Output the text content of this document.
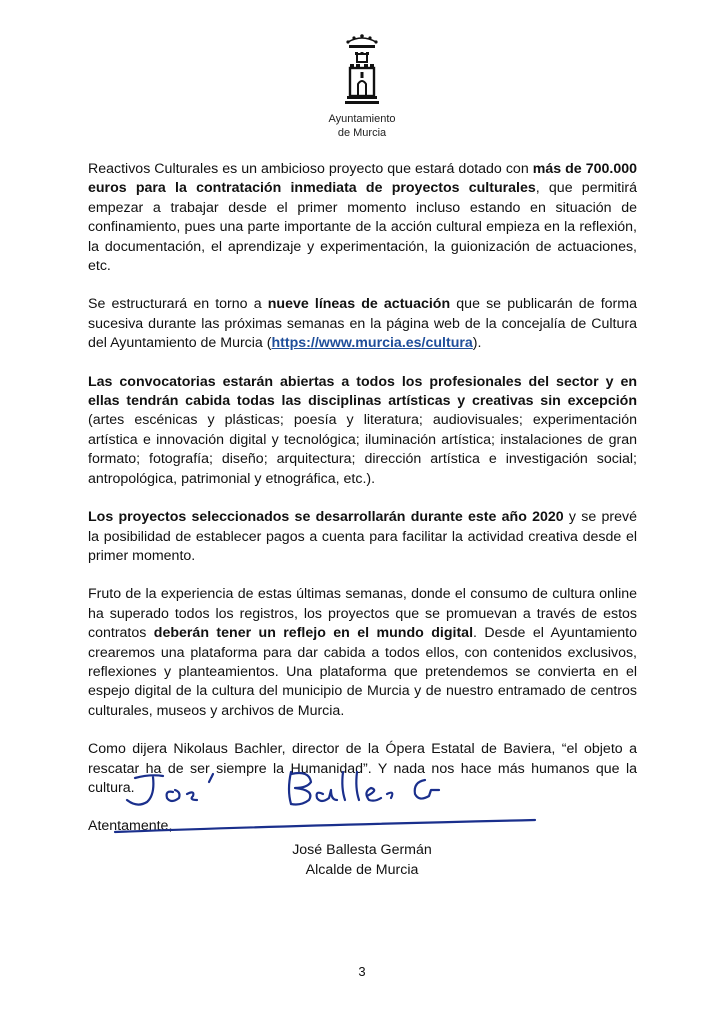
Ayuntamiento
de Murcia

Reactivos Culturales es un ambicioso proyecto que estará dotado con más de 700.000 euros para la contratación inmediata de proyectos culturales, que permitirá empezar a trabajar desde el primer momento incluso estando en situación de confinamiento, pues una parte importante de la acción cultural empieza en la reflexión, la documentación, el aprendizaje y experimentación, la guionización de actuaciones, etc.

Se estructurará en torno a nueve líneas de actuación que se publicarán de forma sucesiva durante las próximas semanas en la página web de la concejalía de Cultura del Ayuntamiento de Murcia (https://www.murcia.es/cultura).

Las convocatorias estarán abiertas a todos los profesionales del sector y en ellas tendrán cabida todas las disciplinas artísticas y creativas sin excepción (artes escénicas y plásticas; poesía y literatura; audiovisuales; experimentación artística e innovación digital y tecnológica; iluminación artística; instalaciones de gran formato; fotografía; diseño; arquitectura; dirección artística e investigación social; antropológica, patrimonial y etnográfica, etc.).

Los proyectos seleccionados se desarrollarán durante este año 2020 y se prevé la posibilidad de establecer pagos a cuenta para facilitar la actividad creativa desde el primer momento.

Fruto de la experiencia de estas últimas semanas, donde el consumo de cultura online ha superado todos los registros, los proyectos que se promuevan a través de estos contratos deberán tener un reflejo en el mundo digital. Desde el Ayuntamiento crearemos una plataforma para dar cabida a todos ellos, con contenidos exclusivos, reflexiones y planteamientos. Una plataforma que pretendemos se convierta en el espejo digital de la cultura del municipio de Murcia y de nuestro entramado de centros culturales, museos y archivos de Murcia.

Como dijera Nikolaus Bachler, director de la Ópera Estatal de Baviera, “el objeto a rescatar ha de ser siempre la Humanidad”. Y nada nos hace más humanos que la cultura.

Atentamente,

José Ballesta Germán
Alcalde de Murcia
3
